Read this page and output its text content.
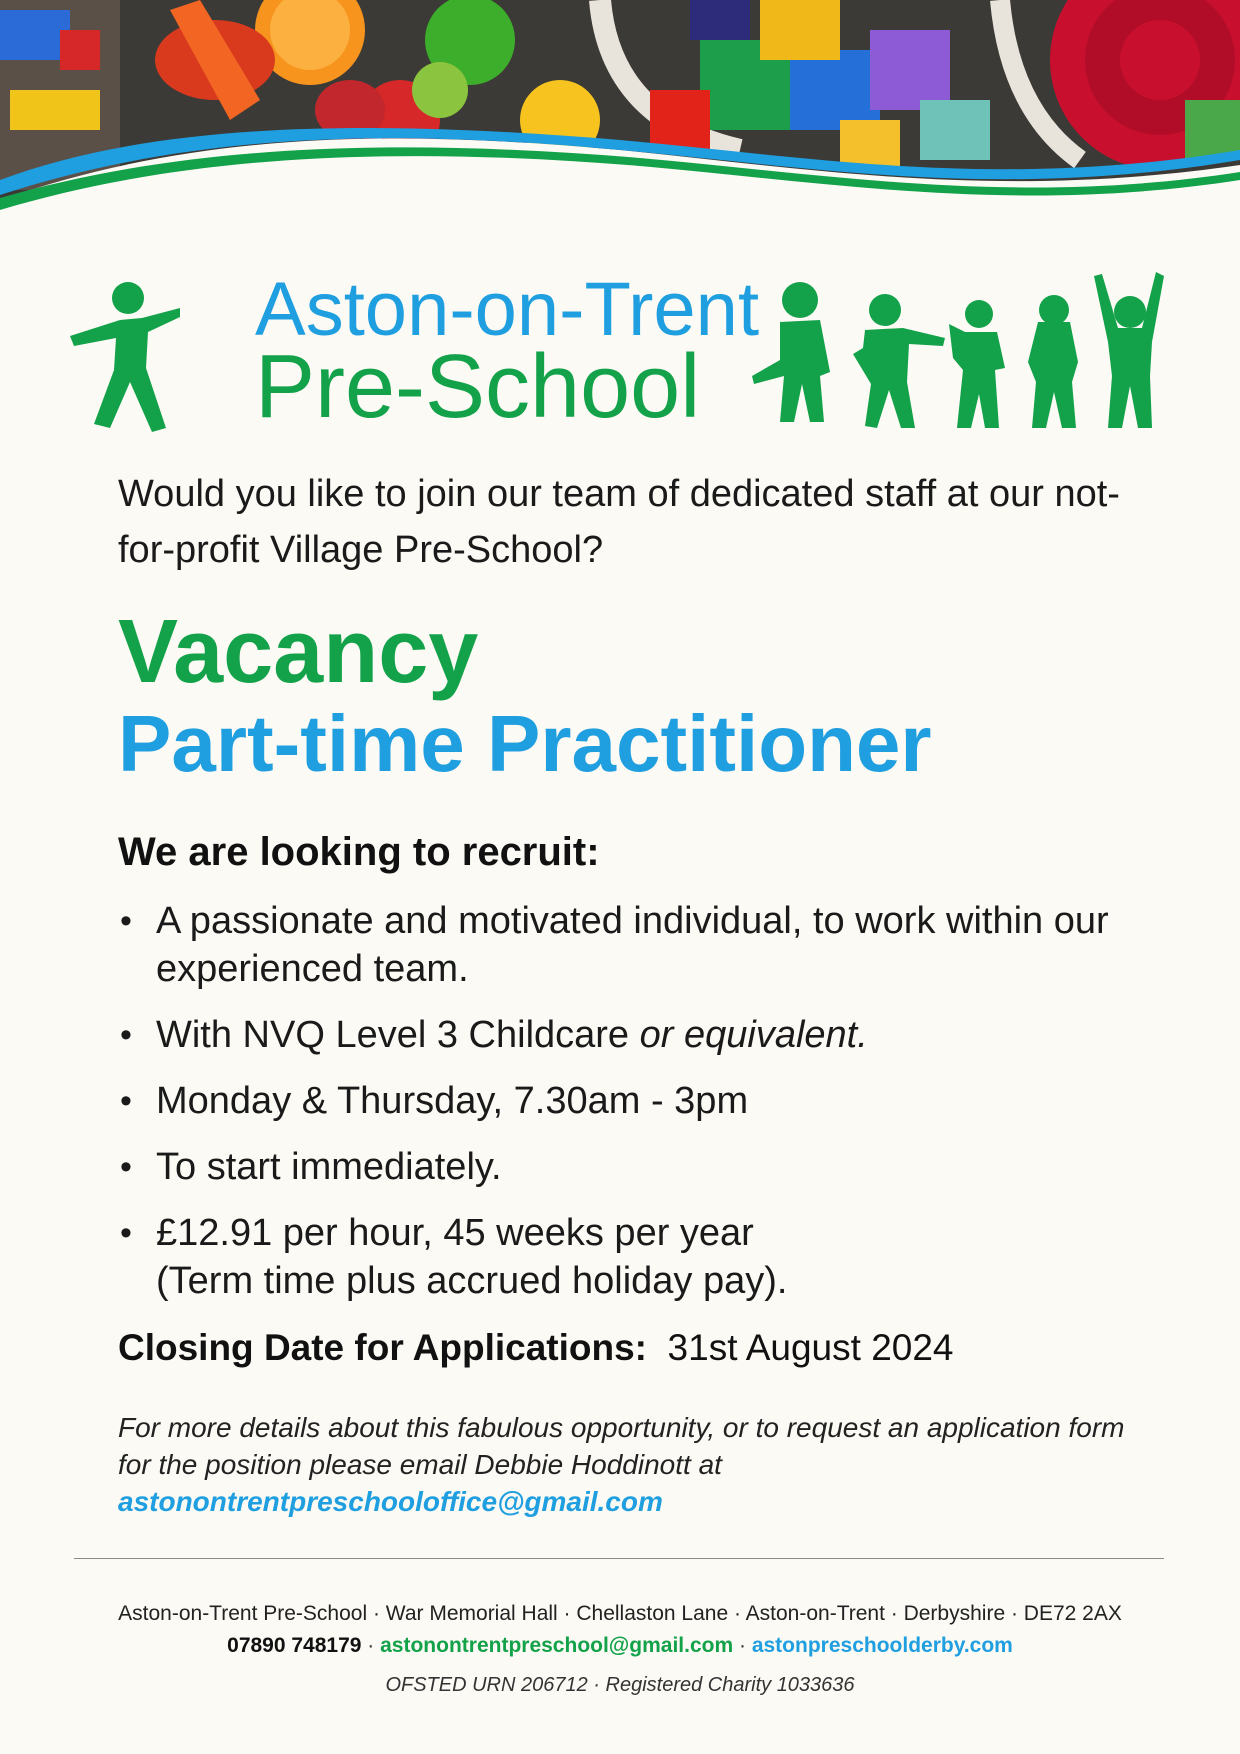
Aston-on-Trent
Pre-School

Would you like to join our team of dedicated staff at our not-for-profit Village Pre-School?

Vacancy
Part-time Practitioner

We are looking to recruit:

• A passionate and motivated individual, to work within our experienced team.
• With NVQ Level 3 Childcare or equivalent.
• Monday & Thursday, 7.30am - 3pm
• To start immediately.
• £12.91 per hour, 45 weeks per year
(Term time plus accrued holiday pay).

Closing Date for Applications: 31st August 2024

For more details about this fabulous opportunity, or to request an application form for the position please email Debbie Hoddinott at
astonontrentpreschooloffice@gmail.com

Aston-on-Trent Pre-School · War Memorial Hall · Chellaston Lane · Aston-on-Trent · Derbyshire · DE72 2AX

07890 748179 · astonontrentpreschool@gmail.com · astonpreschoolderby.com

OFSTED URN 206712 · Registered Charity 1033636
